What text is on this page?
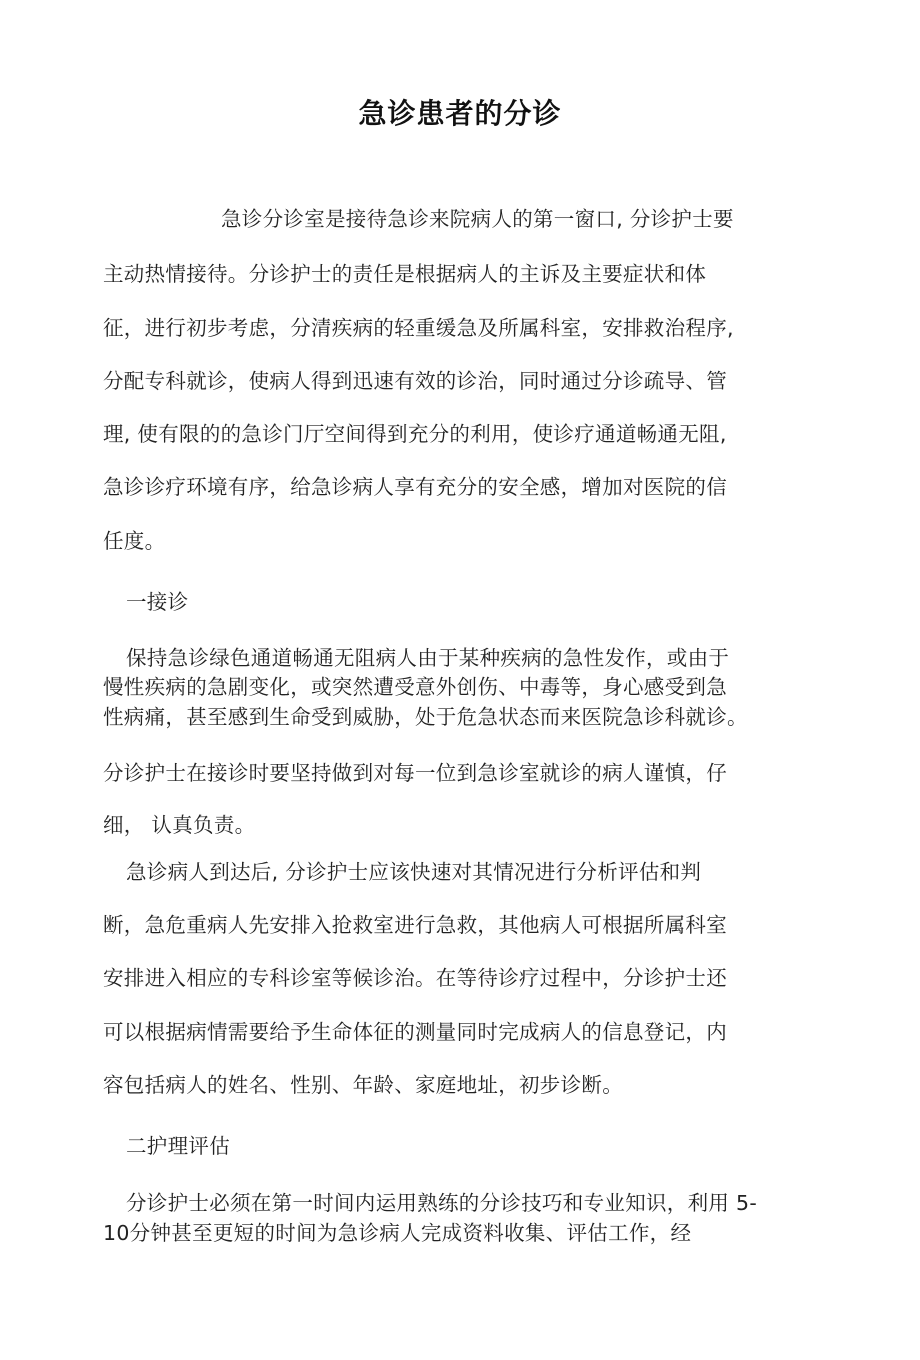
急诊患者的分诊
急诊分诊室是接待急诊来院病人的第一窗口, 分诊护士要
主动热情接待。分诊护士的责任是根据病人的主诉及主要症状和体
征，进行初步考虑，分清疾病的轻重缓急及所属科室，安排救治程序,
分配专科就诊，使病人得到迅速有效的诊治，同时通过分诊疏导、管
理, 使有限的的急诊门厅空间得到充分的利用，使诊疗通道畅通无阻,
急诊诊疗环境有序，给急诊病人享有充分的安全感，增加对医院的信
任度。
一接诊
保持急诊绿色通道畅通无阻病人由于某种疾病的急性发作，或由于
慢性疾病的急剧变化，或突然遭受意外创伤、中毒等，身心感受到急
性病痛，甚至感到生命受到威胁，处于危急状态而来医院急诊科就诊。
分诊护士在接诊时要坚持做到对每一位到急诊室就诊的病人谨慎，仔
细， 认真负责。
急诊病人到达后, 分诊护士应该快速对其情况进行分析评估和判
断，急危重病人先安排入抢救室进行急救，其他病人可根据所属科室
安排进入相应的专科诊室等候诊治。在等待诊疗过程中，分诊护士还
可以根据病情需要给予生命体征的测量同时完成病人的信息登记，内
容包括病人的姓名、性别、年龄、家庭地址，初步诊断。
二护理评估
分诊护士必须在第一时间内运用熟练的分诊技巧和专业知识，利用 5-
10分钟甚至更短的时间为急诊病人完成资料收集、评估工作，经
